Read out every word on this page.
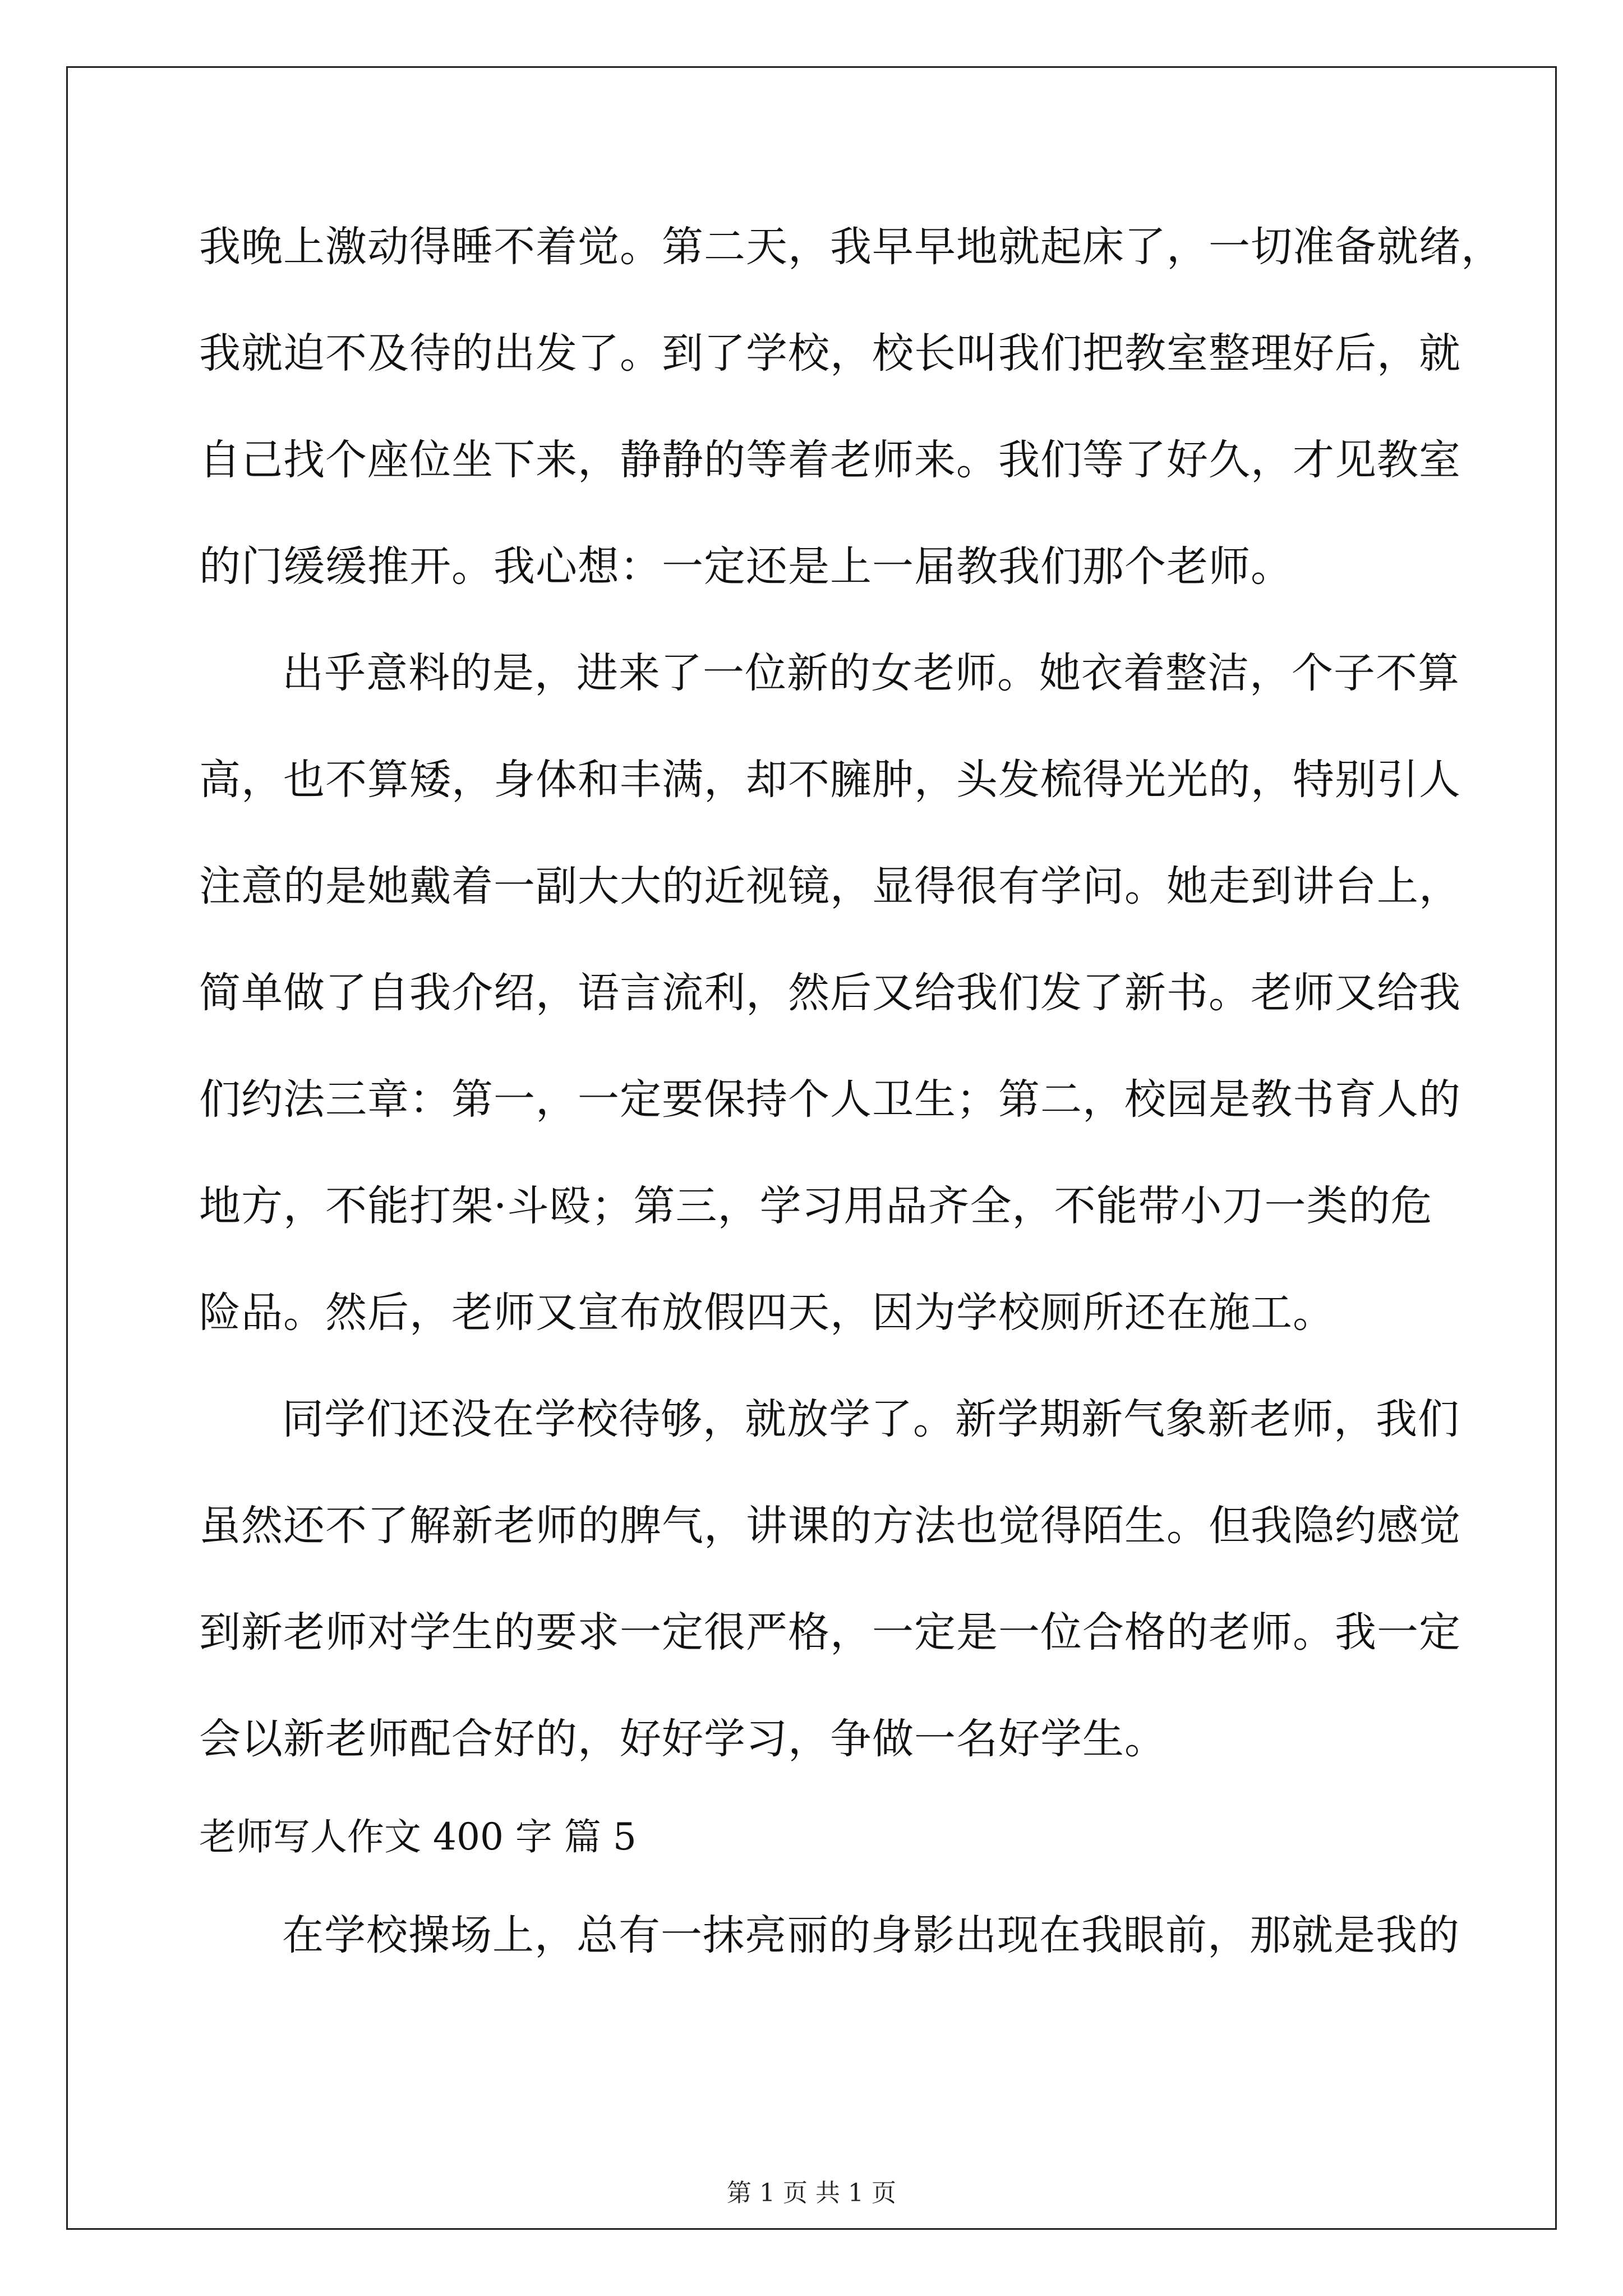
我晚上激动得睡不着觉。第二天，我早早地就起床了，一切准备就绪，
我就迫不及待的出发了。到了学校，校长叫我们把教室整理好后，就
自己找个座位坐下来，静静的等着老师来。我们等了好久，才见教室
的门缓缓推开。我心想：一定还是上一届教我们那个老师。
出乎意料的是，进来了一位新的女老师。她衣着整洁，个子不算
高，也不算矮，身体和丰满，却不臃肿，头发梳得光光的，特别引人
注意的是她戴着一副大大的近视镜，显得很有学问。她走到讲台上，
简单做了自我介绍，语言流利，然后又给我们发了新书。老师又给我
们约法三章：第一，一定要保持个人卫生；第二，校园是教书育人的
地方，不能打架·斗殴；第三，学习用品齐全，不能带小刀一类的危
险品。然后，老师又宣布放假四天，因为学校厕所还在施工。
同学们还没在学校待够，就放学了。新学期新气象新老师，我们
虽然还不了解新老师的脾气，讲课的方法也觉得陌生。但我隐约感觉
到新老师对学生的要求一定很严格，一定是一位合格的老师。我一定
会以新老师配合好的，好好学习，争做一名好学生。
老师写人作文 400 字 篇 5
在学校操场上，总有一抹亮丽的身影出现在我眼前，那就是我的
第 1 页 共 1 页
